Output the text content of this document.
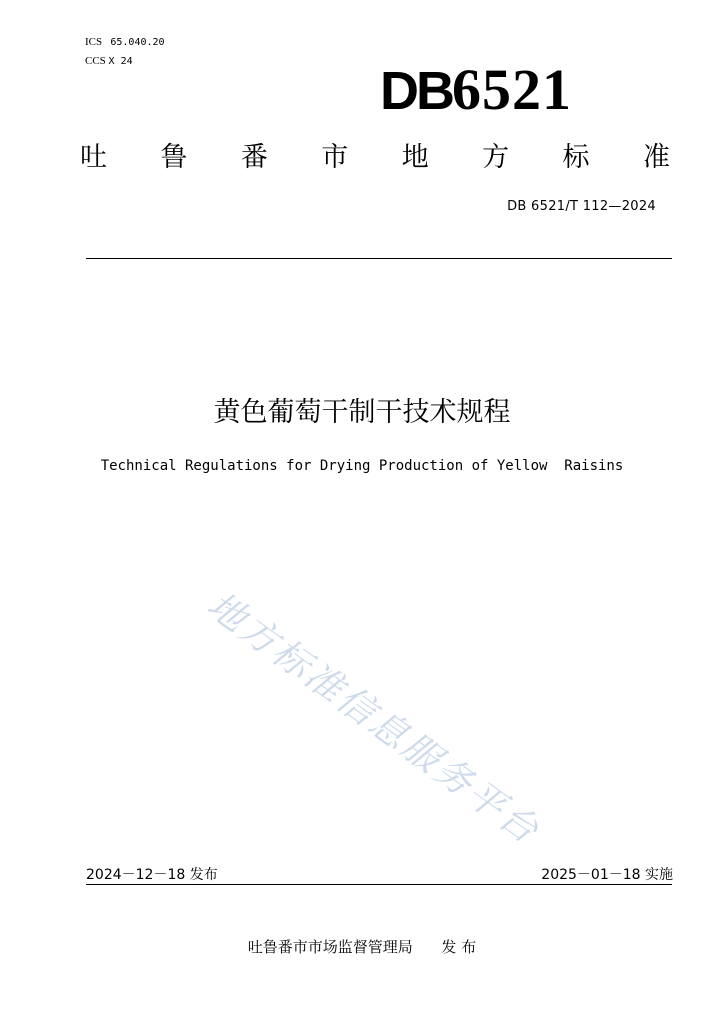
ICS 65.040.20
CCS X 24	DB6521
吐 鲁 番 市 地 方 标 准
DB 6521/T 112—2024
黄色葡萄干制干技术规程
Technical Regulations for Drying Production of Yellow  Raisins
地方标准信息服务平台
2024－12－18 发布	2025－01－18 实施
吐鲁番市市场监督管理局 发 布
